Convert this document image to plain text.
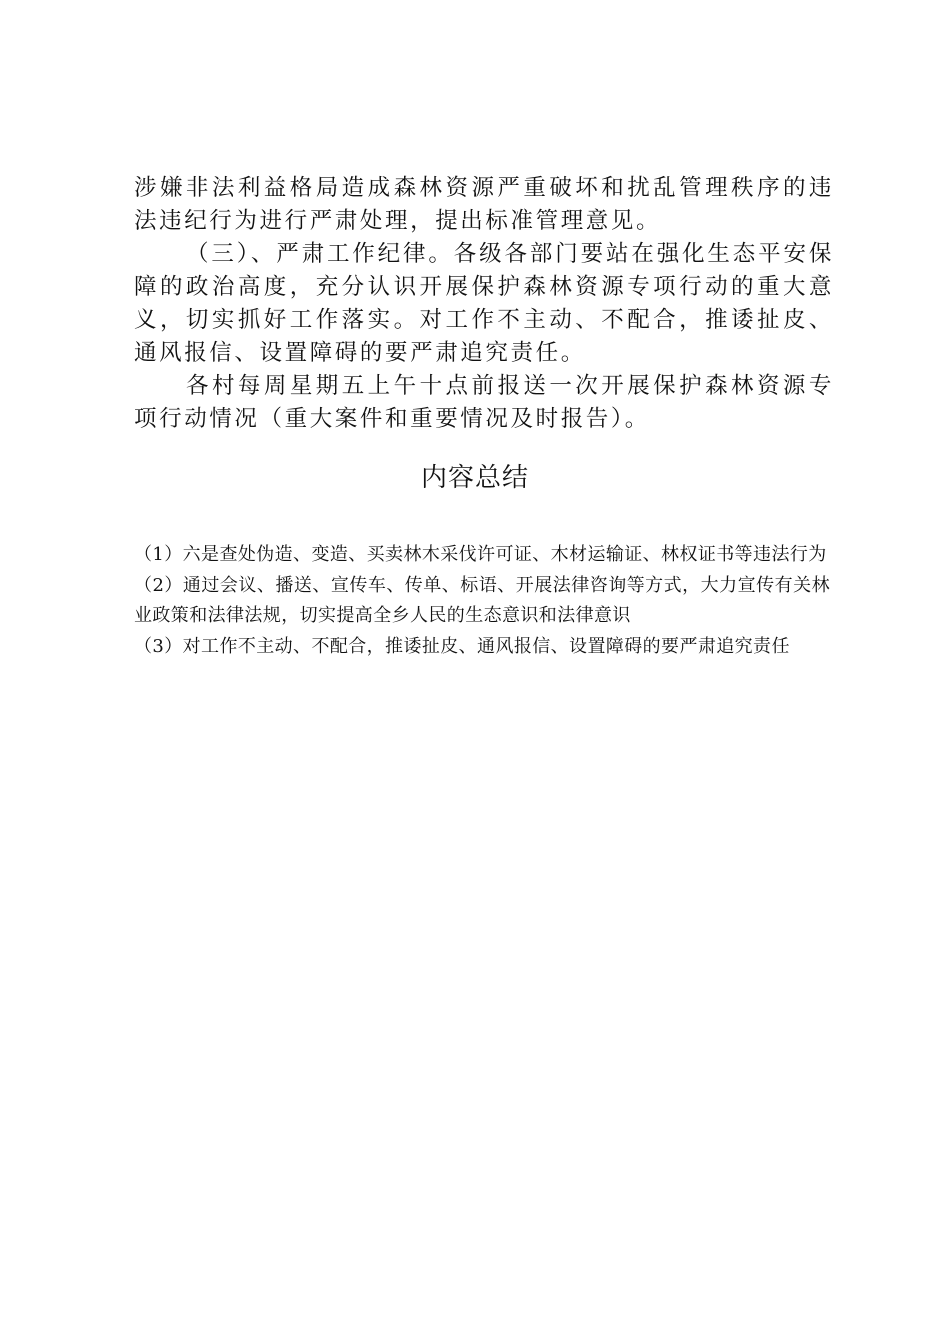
涉嫌非法利益格局造成森林资源严重破坏和扰乱管理秩序的违法违纪行为进行严肃处理，提出标准管理意见。

（三）、严肃工作纪律。各级各部门要站在强化生态平安保障的政治高度，充分认识开展保护森林资源专项行动的重大意义，切实抓好工作落实。对工作不主动、不配合，推诿扯皮、通风报信、设置障碍的要严肃追究责任。

各村每周星期五上午十点前报送一次开展保护森林资源专项行动情况（重大案件和重要情况及时报告）。

内容总结

（1）六是查处伪造、变造、买卖林木采伐许可证、木材运输证、林权证书等违法行为

（2）通过会议、播送、宣传车、传单、标语、开展法律咨询等方式，大力宣传有关林业政策和法律法规，切实提高全乡人民的生态意识和法律意识

（3）对工作不主动、不配合，推诿扯皮、通风报信、设置障碍的要严肃追究责任
